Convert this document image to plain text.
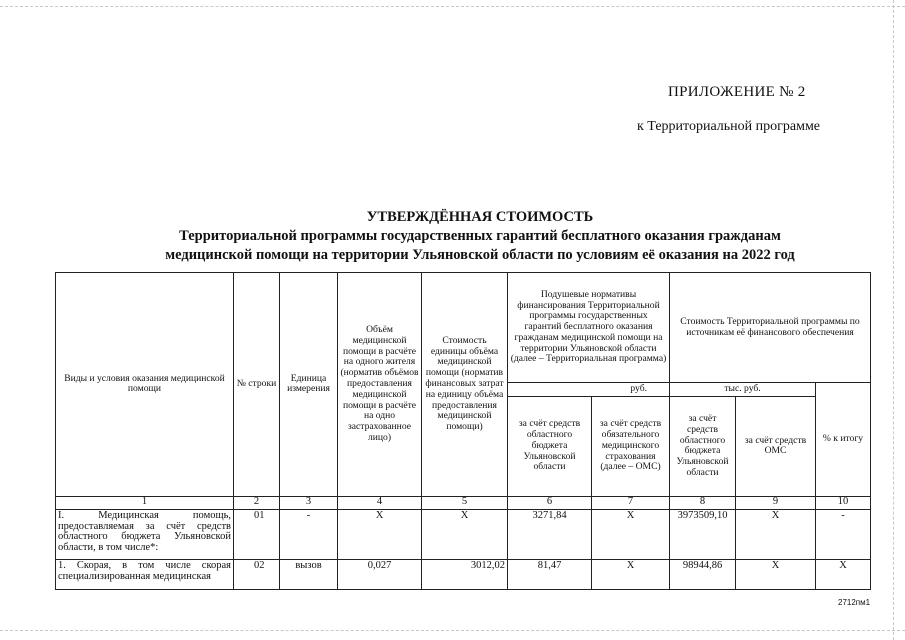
ПРИЛОЖЕНИЕ № 2
к Территориальной программе
УТВЕРЖДЁННАЯ СТОИМОСТЬ
Территориальной программы государственных гарантий бесплатного оказания гражданам
медицинской помощи на территории Ульяновской области по условиям её оказания на 2022 год
Виды и условия оказания медицинской помощи	№ строки	Единица измерения	Объём медицинской помощи в расчёте на одного жителя (норматив объёмов предоставления медицинской помощи в расчёте на одно застрахованное лицо)	Стоимость единицы объёма медицинской помощи (норматив финансовых затрат на единицу объёма предоставления медицинской помощи)	Подушевые нормативы финансирования Территориальной программы государственных гарантий бесплатного оказания гражданам медицинской помощи на территории Ульяновской области (далее – Территориальная программа)		Стоимость Территориальной программы по источникам её финансового обеспечения		
					руб.		тыс. руб.		% к итогу
					за счёт средств областного бюджета Ульяновской области	за счёт средств обязательного медицинского страхования (далее – ОМС)	за счёт средств областного бюджета Ульяновской области	за счёт средств ОМС	
1	2	3	4	5	6	7	8	9	10
I. Медицинская помощь, предоставляемая за счёт средств областного бюджета Ульяновской области, в том числе*:	01	-	X	X	3271,84	X	3973509,10	X	-
1. Скорая, в том числе скорая специализированная медицинская	02	вызов	0,027	3012,02	81,47	X	98944,86	X	X
2712пм1
